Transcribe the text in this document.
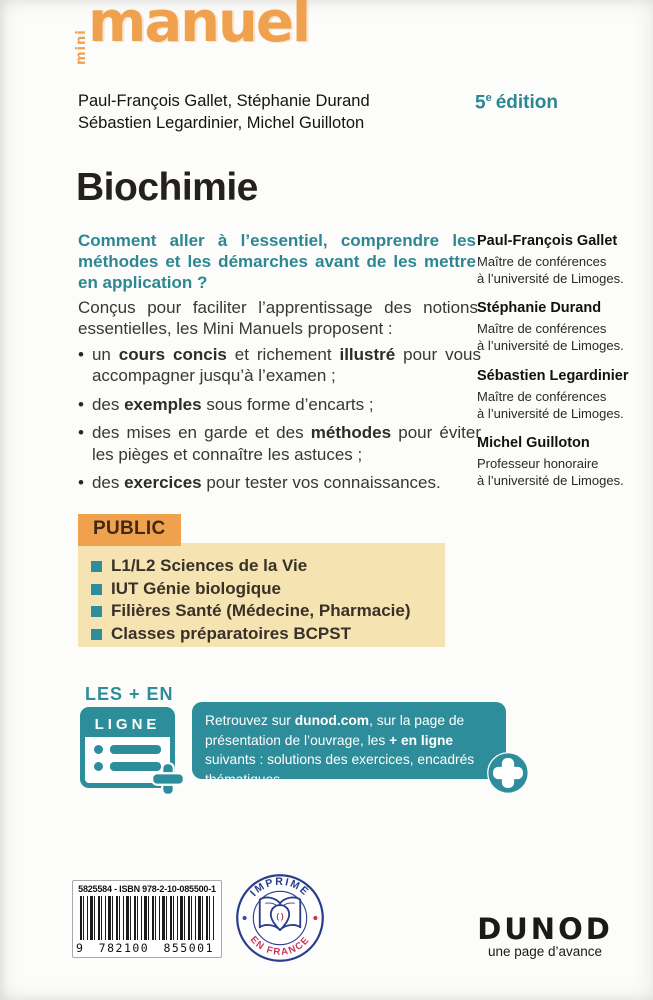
mini manuel
Paul-François Gallet, Stéphanie Durand
Sébastien Legardinier, Michel Guilloton
5e édition
Biochimie

Comment aller à l’essentiel, comprendre les méthodes et les démarches avant de les mettre en application ?

Conçus pour faciliter l’apprentissage des notions essentielles, les Mini Manuels proposent :

• un cours concis et richement illustré pour vous accompagner jusqu’à l’examen ;
• des exemples sous forme d’encarts ;
• des mises en garde et des méthodes pour éviter les pièges et connaître les astuces ;
• des exercices pour tester vos connaissances.
Paul-François Gallet
Maître de conférences
à l’université de Limoges.
Stéphanie Durand
Maître de conférences
à l’université de Limoges.
Sébastien Legardinier
Maître de conférences
à l’université de Limoges.
Michel Guilloton
Professeur honoraire
à l’université de Limoges.
PUBLIC
L1/L2 Sciences de la Vie
IUT Génie biologique
Filières Santé (Médecine, Pharmacie)
Classes préparatoires BCPST
LES + EN
LIGNE	Retrouvez sur dunod.com, sur la page de présentation de l’ouvrage, les + en ligne suivants : solutions des exercices, encadrés thématiques.

5825584 - ISBN 978-2-10-085500-1
9 782100 855001
IMPRIMÉ
EN FRANCE
( )	DUNOD
une page d’avance
